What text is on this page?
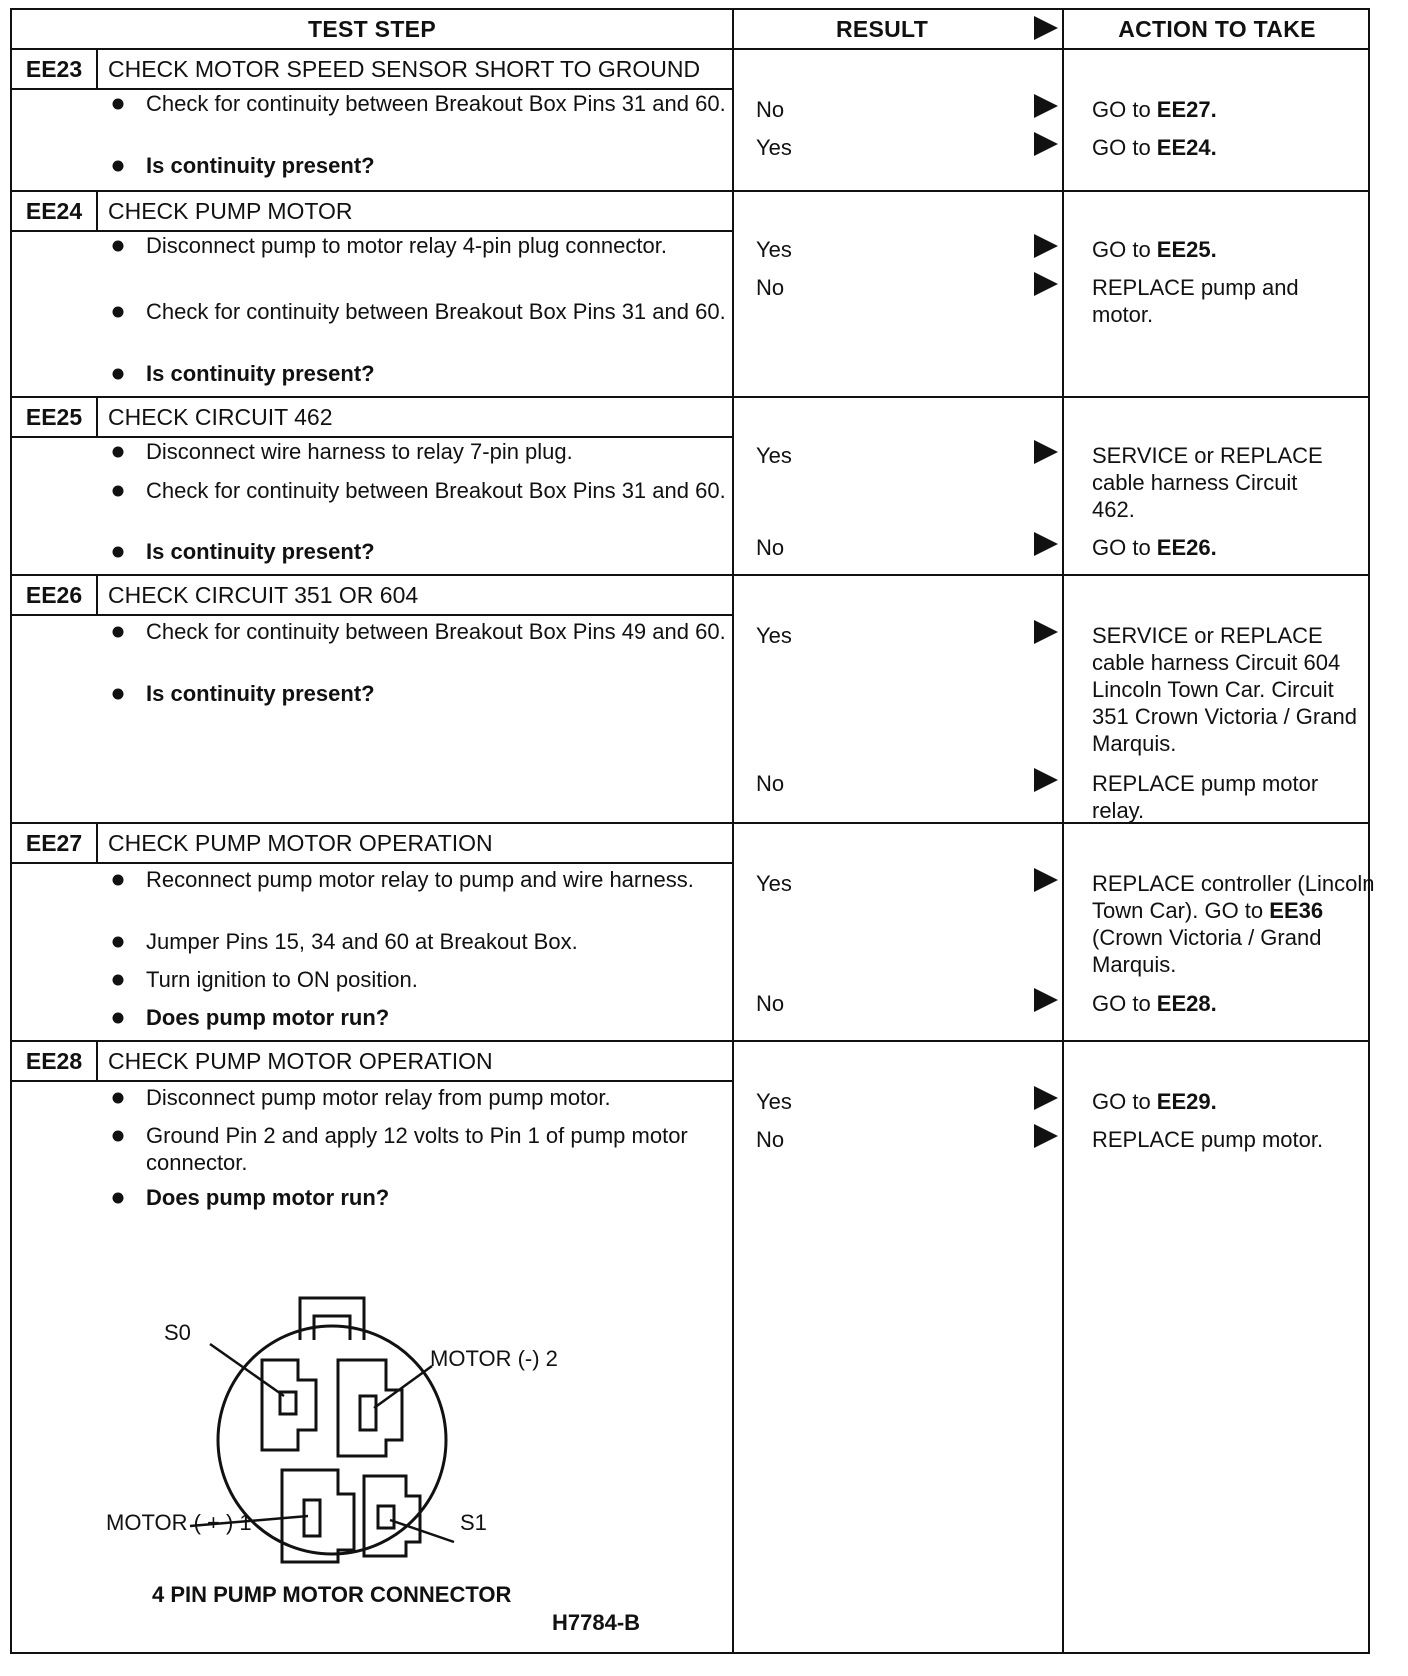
TEST STEP	RESULT	ACTION TO TAKE
EE23	CHECK MOTOR SPEED SENSOR SHORT TO GROUND
Check for continuity between Breakout Box Pins 31 and 60.
Is continuity present?
No	GO to EE27.
Yes	GO to EE24.
EE24	CHECK PUMP MOTOR
Disconnect pump to motor relay 4-pin plug connector.
Check for continuity between Breakout Box Pins 31 and 60.
Is continuity present?
Yes	GO to EE25.
No	REPLACE pump and motor.
EE25	CHECK CIRCUIT 462
Disconnect wire harness to relay 7-pin plug.
Check for continuity between Breakout Box Pins 31 and 60.
Is continuity present?
Yes	SERVICE or REPLACE cable harness Circuit 462.
No	GO to EE26.
EE26	CHECK CIRCUIT 351 OR 604
Check for continuity between Breakout Box Pins 49 and 60.
Is continuity present?
Yes	SERVICE or REPLACE cable harness Circuit 604 Lincoln Town Car. Circuit 351 Crown Victoria / Grand Marquis.
No	REPLACE pump motor relay.
EE27	CHECK PUMP MOTOR OPERATION
Reconnect pump motor relay to pump and wire harness.
Jumper Pins 15, 34 and 60 at Breakout Box.
Turn ignition to ON position.
Does pump motor run?
Yes	REPLACE controller (Lincoln Town Car). GO to EE36 (Crown Victoria / Grand Marquis.
No	GO to EE28.
EE28	CHECK PUMP MOTOR OPERATION
Disconnect pump motor relay from pump motor.
Ground Pin 2 and apply 12 volts to Pin 1 of pump motor connector.
Does pump motor run?
Yes	GO to EE29.
No	REPLACE pump motor.
S0
MOTOR (-) 2
MOTOR ( + ) 1	S1
4 PIN PUMP MOTOR CONNECTOR
H7784-B
